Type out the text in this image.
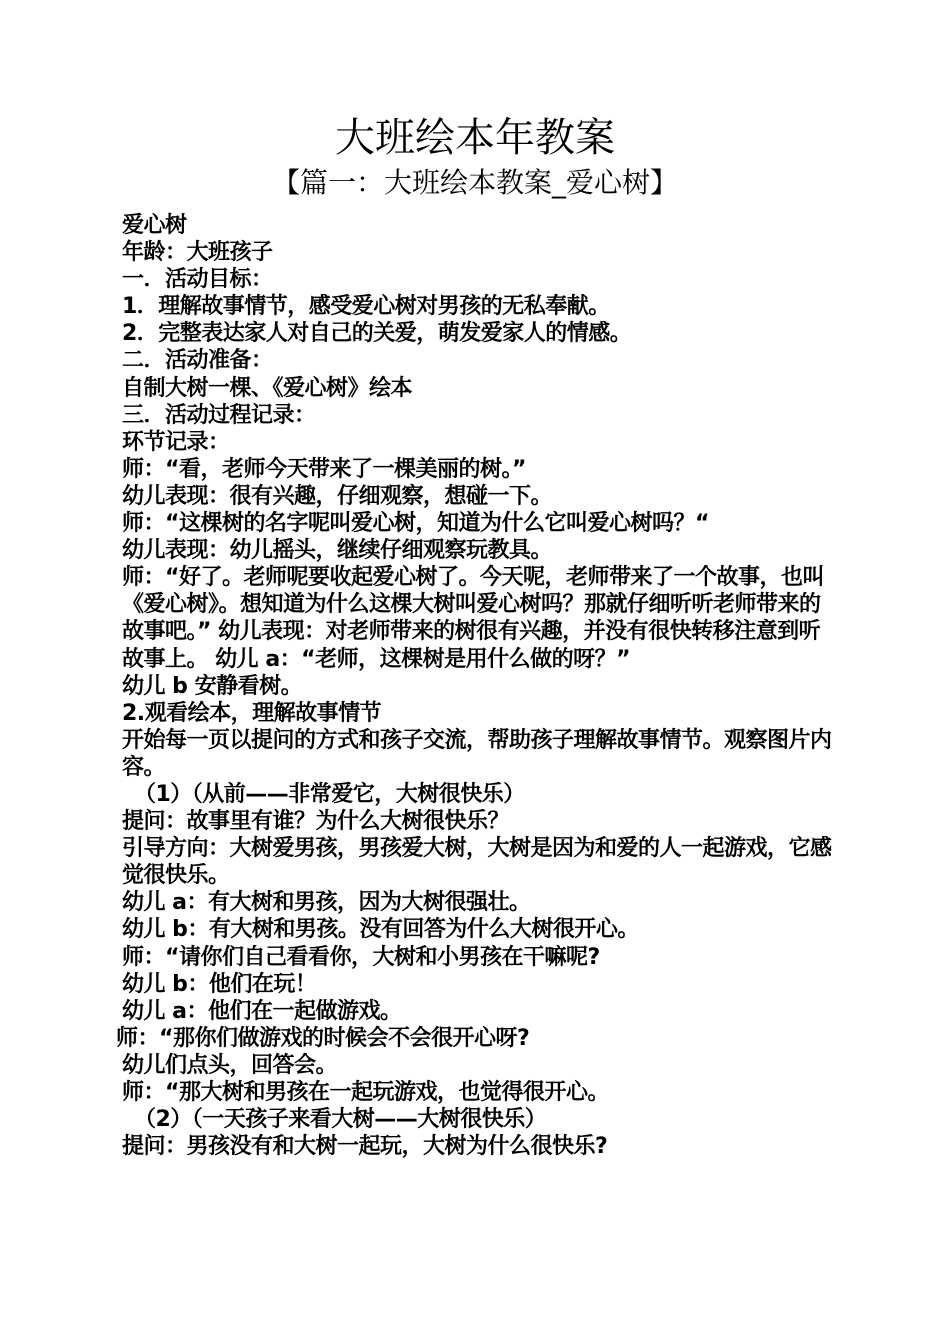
大班绘本年教案
【篇一：大班绘本教案_爱心树】

爱心树

年龄：大班孩子

一．活动目标：

1．理解故事情节，感受爱心树对男孩的无私奉献。

2．完整表达家人对自己的关爱，萌发爱家人的情感。

二．活动准备：

自制大树一棵、《爱心树》绘本

三．活动过程记录：

环节记录：

师：“看，老师今天带来了一棵美丽的树。”

幼儿表现：很有兴趣，仔细观察，想碰一下。

师：“这棵树的名字呢叫爱心树，知道为什么它叫爱心树吗？“

幼儿表现：幼儿摇头，继续仔细观察玩教具。

师：“好了。老师呢要收起爱心树了。今天呢，老师带来了一个故事，也叫《爱心树》。想知道为什么这棵大树叫爱心树吗？那就仔细听听老师带来的故事吧。” 幼儿表现：对老师带来的树很有兴趣，并没有很快转移注意到听故事上。 幼儿 a：“老师，这棵树是用什么做的呀？”

幼儿 b 安静看树。

2.观看绘本，理解故事情节

开始每一页以提问的方式和孩子交流，帮助孩子理解故事情节。观察图片内容。

（1）（从前——非常爱它，大树很快乐）

提问：故事里有谁？为什么大树很快乐？

引导方向：大树爱男孩，男孩爱大树，大树是因为和爱的人一起游戏，它感觉很快乐。

幼儿 a：有大树和男孩，因为大树很强壮。

幼儿 b：有大树和男孩。没有回答为什么大树很开心。

师：“请你们自己看看你，大树和小男孩在干嘛呢?

幼儿 b：他们在玩！

幼儿 a：他们在一起做游戏。

师：“那你们做游戏的时候会不会很开心呀?

幼儿们点头，回答会。

师：“那大树和男孩在一起玩游戏，也觉得很开心。

（2）（一天孩子来看大树——大树很快乐）

提问：男孩没有和大树一起玩，大树为什么很快乐?
